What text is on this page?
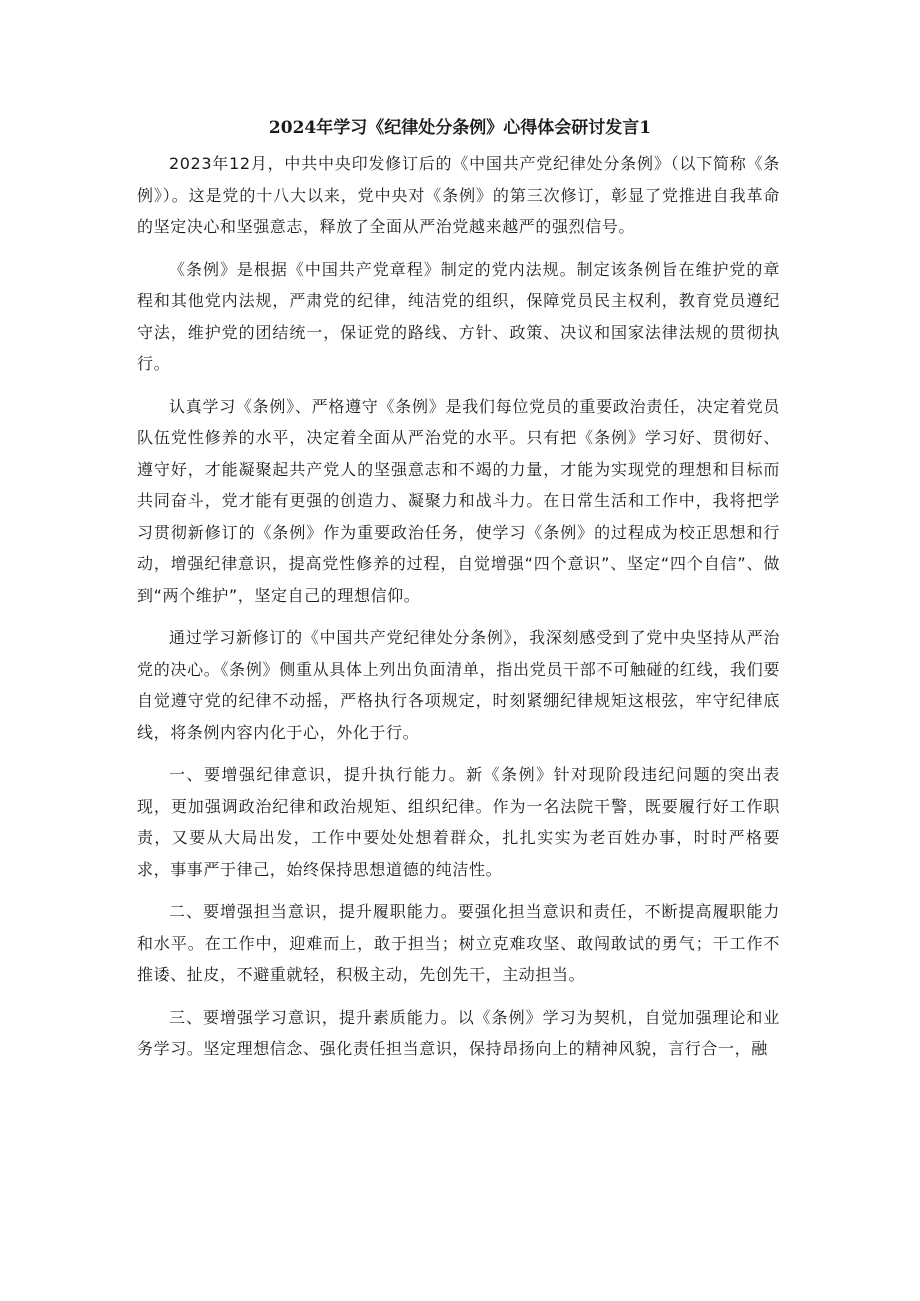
2024年学习《纪律处分条例》心得体会研讨发言1

2023年12月，中共中央印发修订后的《中国共产党纪律处分条例》（以下简称《条例》）。这是党的十八大以来，党中央对《条例》的第三次修订，彰显了党推进自我革命的坚定决心和坚强意志，释放了全面从严治党越来越严的强烈信号。

《条例》是根据《中国共产党章程》制定的党内法规。制定该条例旨在维护党的章程和其他党内法规，严肃党的纪律，纯洁党的组织，保障党员民主权利，教育党员遵纪守法，维护党的团结统一，保证党的路线、方针、政策、决议和国家法律法规的贯彻执行。

认真学习《条例》、严格遵守《条例》是我们每位党员的重要政治责任，决定着党员队伍党性修养的水平，决定着全面从严治党的水平。只有把《条例》学习好、贯彻好、遵守好，才能凝聚起共产党人的坚强意志和不竭的力量，才能为实现党的理想和目标而共同奋斗，党才能有更强的创造力、凝聚力和战斗力。在日常生活和工作中，我将把学习贯彻新修订的《条例》作为重要政治任务，使学习《条例》的过程成为校正思想和行动，增强纪律意识，提高党性修养的过程，自觉增强“四个意识”、坚定“四个自信”、做到“两个维护”，坚定自己的理想信仰。

通过学习新修订的《中国共产党纪律处分条例》，我深刻感受到了党中央坚持从严治党的决心。《条例》侧重从具体上列出负面清单，指出党员干部不可触碰的红线，我们要自觉遵守党的纪律不动摇，严格执行各项规定，时刻紧绷纪律规矩这根弦，牢守纪律底线，将条例内容内化于心，外化于行。

一、要增强纪律意识，提升执行能力。新《条例》针对现阶段违纪问题的突出表现，更加强调政治纪律和政治规矩、组织纪律。作为一名法院干警，既要履行好工作职责，又要从大局出发，工作中要处处想着群众，扎扎实实为老百姓办事，时时严格要求，事事严于律己，始终保持思想道德的纯洁性。

二、要增强担当意识，提升履职能力。要强化担当意识和责任，不断提高履职能力和水平。在工作中，迎难而上，敢于担当；树立克难攻坚、敢闯敢试的勇气；干工作不推诿、扯皮，不避重就轻，积极主动，先创先干，主动担当。

三、要增强学习意识，提升素质能力。以《条例》学习为契机，自觉加强理论和业务学习。坚定理想信念、强化责任担当意识，保持昂扬向上的精神风貌，言行合一，融
